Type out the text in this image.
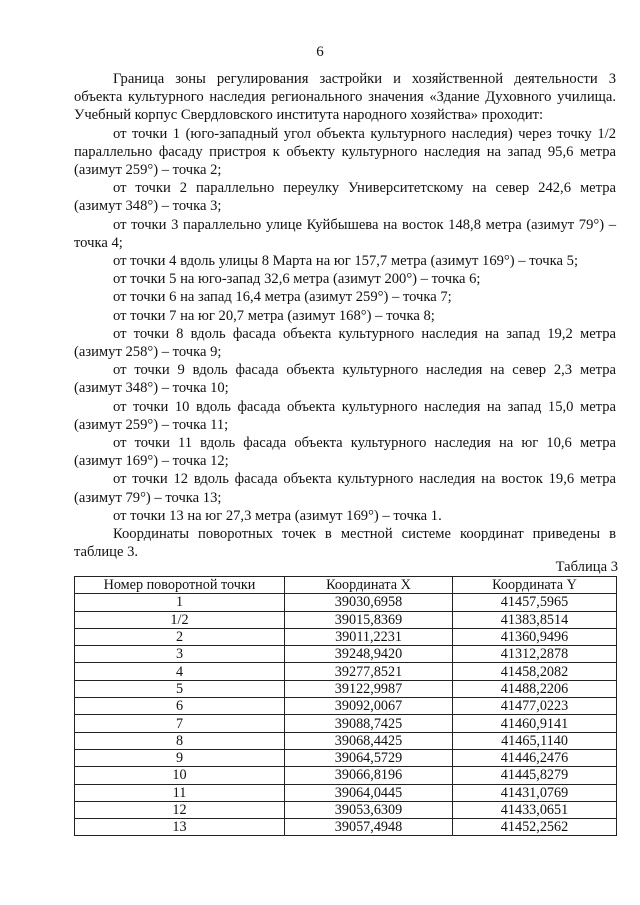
6

Граница зоны регулирования застройки и хозяйственной деятельности 3 объекта культурного наследия регионального значения «Здание Духовного училища. Учебный корпус Свердловского института народного хозяйства» проходит:

от точки 1 (юго-западный угол объекта культурного наследия) через точку 1/2 параллельно фасаду пристроя к объекту культурного наследия на запад 95,6 метра (азимут 259°) – точка 2;

от точки 2 параллельно переулку Университетскому на север 242,6 метра (азимут 348°) – точка 3;

от точки 3 параллельно улице Куйбышева на восток 148,8 метра (азимут 79°) – точка 4;

от точки 4 вдоль улицы 8 Марта на юг 157,7 метра (азимут 169°) – точка 5;

от точки 5 на юго-запад 32,6 метра (азимут 200°) – точка 6;

от точки 6 на запад 16,4 метра (азимут 259°) – точка 7;

от точки 7 на юг 20,7 метра (азимут 168°) – точка 8;

от точки 8 вдоль фасада объекта культурного наследия на запад 19,2 метра (азимут 258°) – точка 9;

от точки 9 вдоль фасада объекта культурного наследия на север 2,3 метра (азимут 348°) – точка 10;

от точки 10 вдоль фасада объекта культурного наследия на запад 15,0 метра (азимут 259°) – точка 11;

от точки 11 вдоль фасада объекта культурного наследия на юг 10,6 метра (азимут 169°) – точка 12;

от точки 12 вдоль фасада объекта культурного наследия на восток 19,6 метра (азимут 79°) – точка 13;

от точки 13 на юг 27,3 метра (азимут 169°) – точка 1.

Координаты поворотных точек в местной системе координат приведены в таблице 3.

Таблица 3
Номер поворотной точки	Координата X	Координата Y
1	39030,6958	41457,5965
1/2	39015,8369	41383,8514
2	39011,2231	41360,9496
3	39248,9420	41312,2878
4	39277,8521	41458,2082
5	39122,9987	41488,2206
6	39092,0067	41477,0223
7	39088,7425	41460,9141
8	39068,4425	41465,1140
9	39064,5729	41446,2476
10	39066,8196	41445,8279
11	39064,0445	41431,0769
12	39053,6309	41433,0651
13	39057,4948	41452,2562
